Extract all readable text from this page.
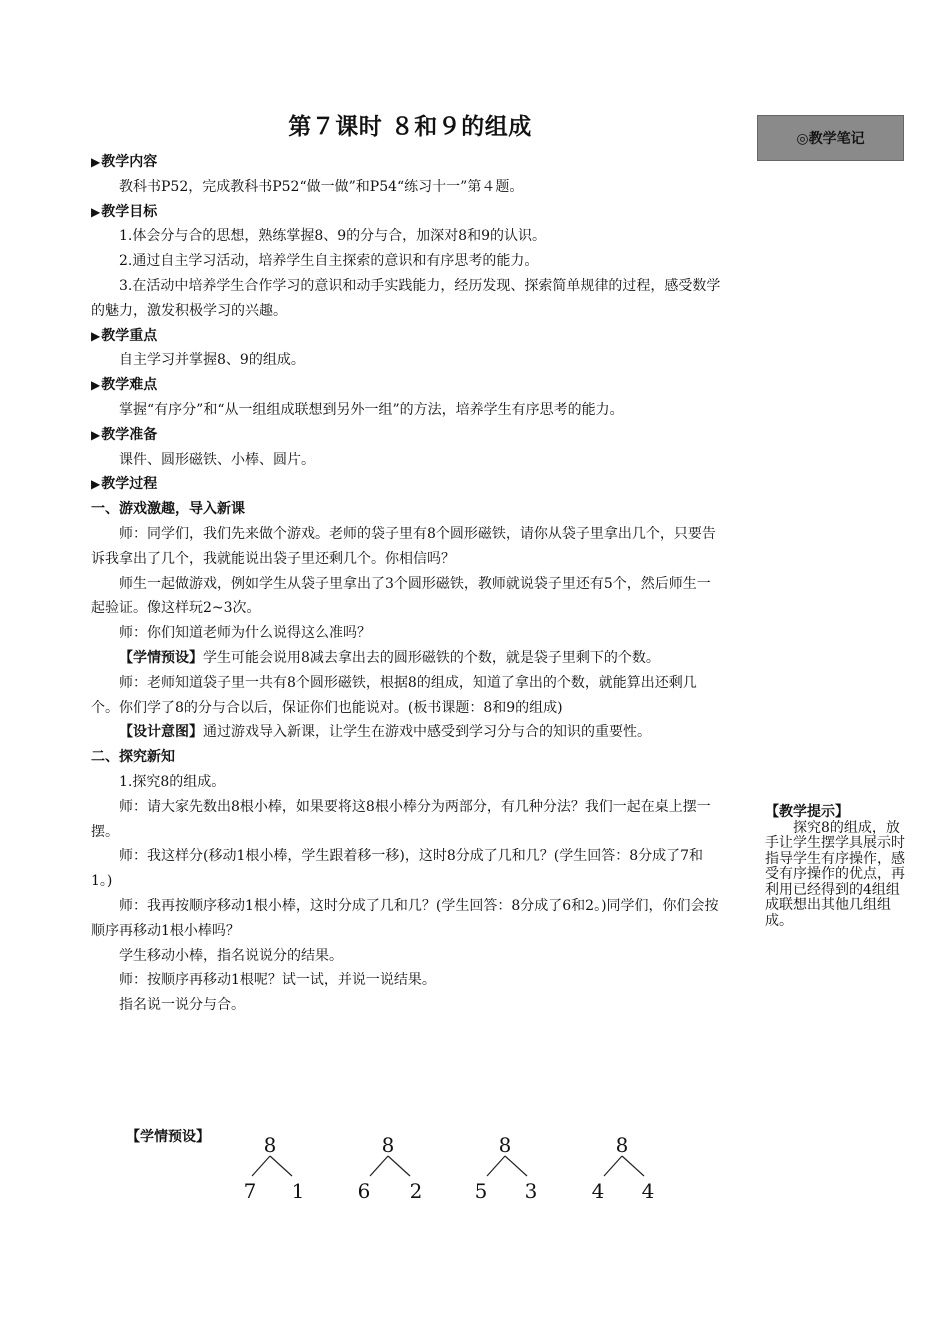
第７课时 ８和９的组成	◎教学笔记

▶教学内容

教科书P52，完成教科书P52“做一做”和P54“练习十一”第４题。

▶教学目标

1.体会分与合的思想，熟练掌握8、9的分与合，加深对8和9的认识。

2.通过自主学习活动，培养学生自主探索的意识和有序思考的能力。

3.在活动中培养学生合作学习的意识和动手实践能力，经历发现、探索简单规律的过程，感受数学的魅力，激发积极学习的兴趣。

▶教学重点

自主学习并掌握8、9的组成。

▶教学难点

掌握“有序分”和“从一组组成联想到另外一组”的方法，培养学生有序思考的能力。

▶教学准备

课件、圆形磁铁、小棒、圆片。

▶教学过程

一、游戏激趣，导入新课

师：同学们，我们先来做个游戏。老师的袋子里有8个圆形磁铁，请你从袋子里拿出几个，只要告诉我拿出了几个，我就能说出袋子里还剩几个。你相信吗？

师生一起做游戏，例如学生从袋子里拿出了3个圆形磁铁，教师就说袋子里还有5个，然后师生一起验证。像这样玩2~3次。

师：你们知道老师为什么说得这么准吗？

【学情预设】学生可能会说用8减去拿出去的圆形磁铁的个数，就是袋子里剩下的个数。

师：老师知道袋子里一共有8个圆形磁铁，根据8的组成，知道了拿出的个数，就能算出还剩几个。你们学了8的分与合以后，保证你们也能说对。(板书课题：8和9的组成)

【设计意图】通过游戏导入新课，让学生在游戏中感受到学习分与合的知识的重要性。

二、探究新知

1.探究8的组成。

师：请大家先数出8根小棒，如果要将这8根小棒分为两部分，有几种分法？我们一起在桌上摆一摆。

师：我这样分(移动1根小棒，学生跟着移一移)，这时8分成了几和几？(学生回答：8分成了7和1。)

师：我再按顺序移动1根小棒，这时分成了几和几？(学生回答：8分成了6和2。)同学们，你们会按顺序再移动1根小棒吗？

学生移动小棒，指名说说分的结果。

师：按顺序再移动1根呢？试一试，并说一说结果。

指名说一说分与合。

【教学提示】

探究8的组成，放手让学生摆学具展示时指导学生有序操作，感受有序操作的优点，再利用已经得到的4组组成联想出其他几组组成。

【学情预设】	8
7 1
8
6 2
8
5 3
8
4 4
